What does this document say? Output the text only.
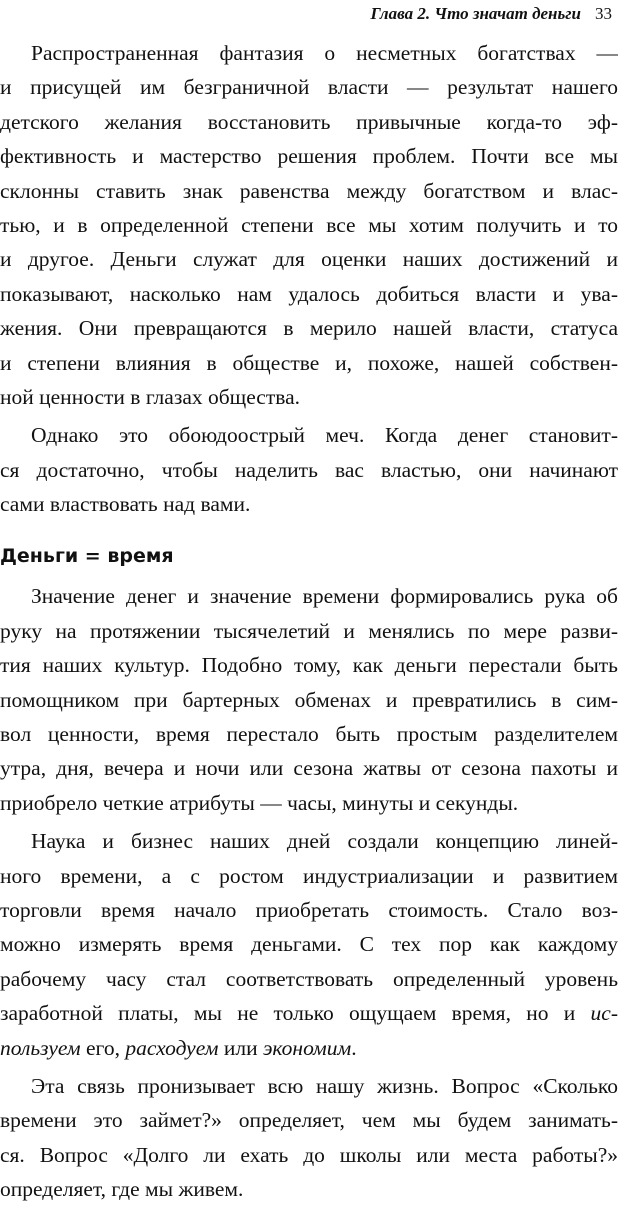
Глава 2. Что значат деньги 33
Распространенная фантазия о несметных богатствах —
и присущей им безграничной власти — результат нашего
детского желания восстановить привычные когда-то эф-
фективность и мастерство решения проблем. Почти все мы
склонны ставить знак равенства между богатством и влас-
тью, и в определенной степени все мы хотим получить и то
и другое. Деньги служат для оценки наших достижений и
показывают, насколько нам удалось добиться власти и ува-
жения. Они превращаются в мерило нашей власти, статуса
и степени влияния в обществе и, похоже, нашей собствен-
ной ценности в глазах общества.
Однако это обоюдоострый меч. Когда денег становит-
ся достаточно, чтобы наделить вас властью, они начинают
сами властвовать над вами.
Деньги = время
Значение денег и значение времени формировались рука об
руку на протяжении тысячелетий и менялись по мере разви-
тия наших культур. Подобно тому, как деньги перестали быть
помощником при бартерных обменах и превратились в сим-
вол ценности, время перестало быть простым разделителем
утра, дня, вечера и ночи или сезона жатвы от сезона пахоты и
приобрело четкие атрибуты — часы, минуты и секунды.
Наука и бизнес наших дней создали концепцию линей-
ного времени, а с ростом индустриализации и развитием
торговли время начало приобретать стоимость. Стало воз-
можно измерять время деньгами. С тех пор как каждому
рабочему часу стал соответствовать определенный уровень
заработной платы, мы не только ощущаем время, но и ис-
пользуем его, расходуем или экономим.
Эта связь пронизывает всю нашу жизнь. Вопрос «Сколько
времени это займет?» определяет, чем мы будем занимать-
ся. Вопрос «Долго ли ехать до школы или места работы?»
определяет, где мы живем.
